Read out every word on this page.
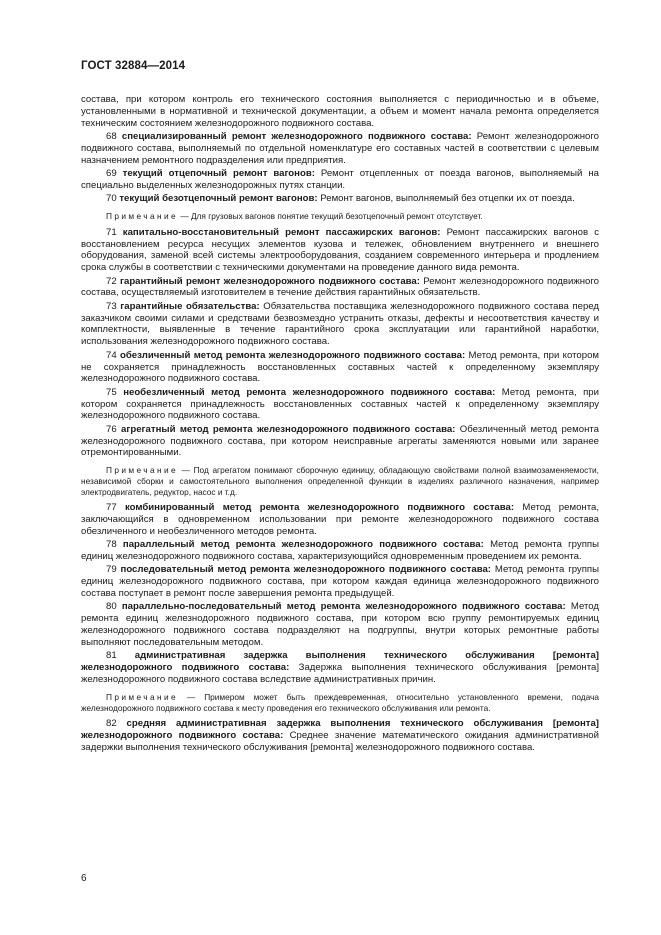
ГОСТ 32884—2014
состава, при котором контроль его технического состояния выполняется с периодичностью и в объеме, установленными в нормативной и технической документации, а объем и момент начала ремонта определяется техническим состоянием железнодорожного подвижного состава.
68 специализированный ремонт железнодорожного подвижного состава: Ремонт железнодорожного подвижного состава, выполняемый по отдельной номенклатуре его составных частей в соответствии с целевым назначением ремонтного подразделения или предприятия.
69 текущий отцепочный ремонт вагонов: Ремонт отцепленных от поезда вагонов, выполняемый на специально выделенных железнодорожных путях станции.
70 текущий безотцепочный ремонт вагонов: Ремонт вагонов, выполняемый без отцепки их от поезда.
Примечание — Для грузовых вагонов понятие текущий безотцепочный ремонт отсутствует.
71 капитально-восстановительный ремонт пассажирских вагонов: Ремонт пассажирских вагонов с восстановлением ресурса несущих элементов кузова и тележек, обновлением внутреннего и внешнего оборудования, заменой всей системы электрооборудования, созданием современного интерьера и продлением срока службы в соответствии с техническими документами на проведение данного вида ремонта.
72 гарантийный ремонт железнодорожного подвижного состава: Ремонт железнодорожного подвижного состава, осуществляемый изготовителем в течение действия гарантийных обязательств.
73 гарантийные обязательства: Обязательства поставщика железнодорожного подвижного состава перед заказчиком своими силами и средствами безвозмездно устранить отказы, дефекты и несоответствия качеству и комплектности, выявленные в течение гарантийного срока эксплуатации или гарантийной наработки, использования железнодорожного подвижного состава.
74 обезличенный метод ремонта железнодорожного подвижного состава: Метод ремонта, при котором не сохраняется принадлежность восстановленных составных частей к определенному экземпляру железнодорожного подвижного состава.
75 необезличенный метод ремонта железнодорожного подвижного состава: Метод ремонта, при котором сохраняется принадлежность восстановленных составных частей к определенному экземпляру железнодорожного подвижного состава.
76 агрегатный метод ремонта железнодорожного подвижного состава: Обезличенный метод ремонта железнодорожного подвижного состава, при котором неисправные агрегаты заменяются новыми или заранее отремонтированными.
Примечание — Под агрегатом понимают сборочную единицу, обладающую свойствами полной взаимозаменяемости, независимой сборки и самостоятельного выполнения определенной функции в изделиях различного назначения, например электродвигатель, редуктор, насос и т.д.
77 комбинированный метод ремонта железнодорожного подвижного состава: Метод ремонта, заключающийся в одновременном использовании при ремонте железнодорожного подвижного состава обезличенного и необезличенного методов ремонта.
78 параллельный метод ремонта железнодорожного подвижного состава: Метод ремонта группы единиц железнодорожного подвижного состава, характеризующийся одновременным проведением их ремонта.
79 последовательный метод ремонта железнодорожного подвижного состава: Метод ремонта группы единиц железнодорожного подвижного состава, при котором каждая единица железнодорожного подвижного состава поступает в ремонт после завершения ремонта предыдущей.
80 параллельно-последовательный метод ремонта железнодорожного подвижного состава: Метод ремонта единиц железнодорожного подвижного состава, при котором всю группу ремонтируемых единиц железнодорожного подвижного состава подразделяют на подгруппы, внутри которых ремонтные работы выполняют последовательным методом.
81 административная задержка выполнения технического обслуживания [ремонта] железнодорожного подвижного состава: Задержка выполнения технического обслуживания [ремонта] железнодорожного подвижного состава вследствие административных причин.
Примечание — Примером может быть преждевременная, относительно установленного времени, подача железнодорожного подвижного состава к месту проведения его технического обслуживания или ремонта.
82 средняя административная задержка выполнения технического обслуживания [ремонта] железнодорожного подвижного состава: Среднее значение математического ожидания административной задержки выполнения технического обслуживания [ремонта] железнодорожного подвижного состава.
6
